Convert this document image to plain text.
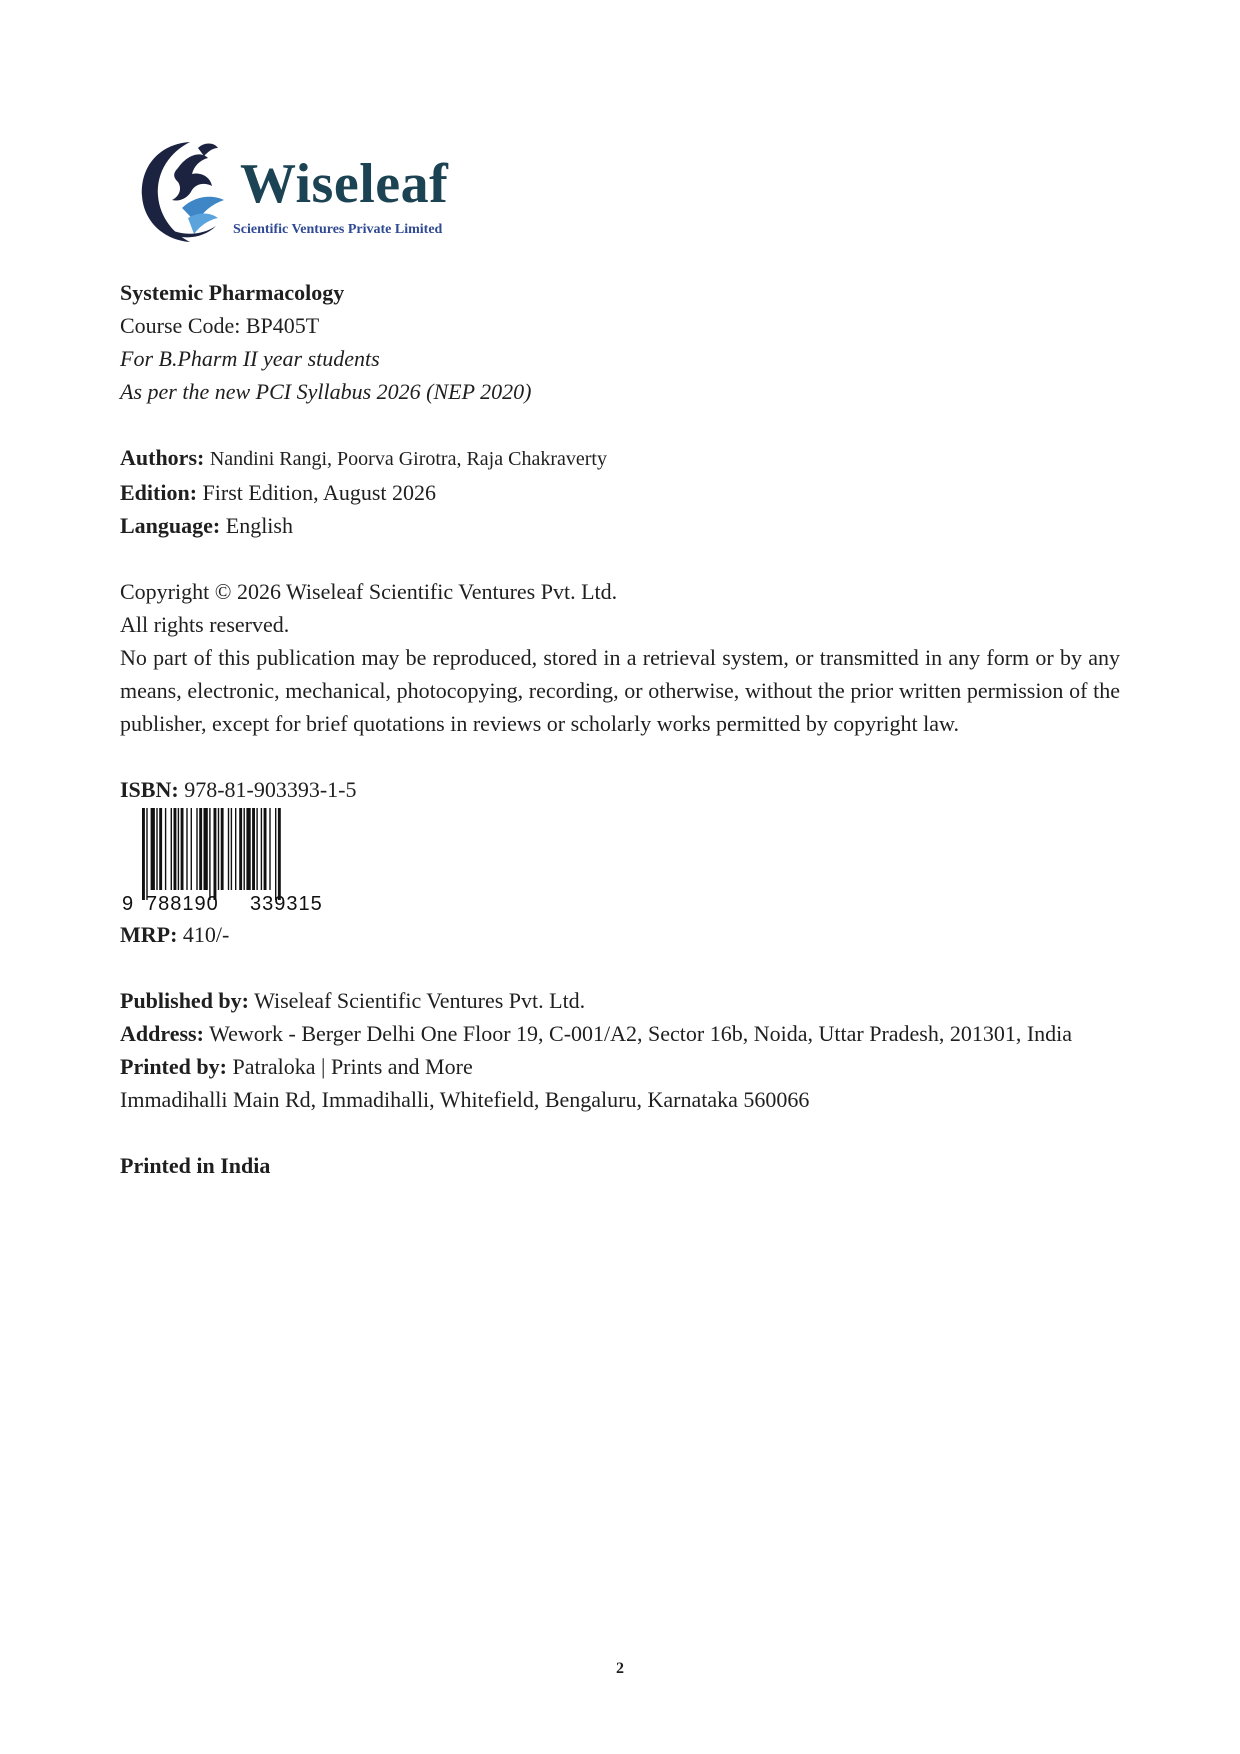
Wiseleaf
Scientific Ventures Private Limited
Systemic Pharmacology
Course Code: BP405T
For B.Pharm II year students
As per the new PCI Syllabus 2026 (NEP 2020)
Authors: Nandini Rangi, Poorva Girotra, Raja Chakraverty
Edition: First Edition, August 2026
Language: English
Copyright © 2026 Wiseleaf Scientific Ventures Pvt. Ltd.
All rights reserved.
No part of this publication may be reproduced, stored in a retrieval system, or transmitted in any form or by any means, electronic, mechanical, photocopying, recording, or otherwise, without the prior written permission of the publisher, except for brief quotations in reviews or scholarly works permitted by copyright law.
ISBN: 978-81-903393-1-5
9 788190 339315
MRP: 410/-
Published by: Wiseleaf Scientific Ventures Pvt. Ltd.
Address: Wework - Berger Delhi One Floor 19, C-001/A2, Sector 16b, Noida, Uttar Pradesh, 201301, India
Printed by: Patraloka | Prints and More
Immadihalli Main Rd, Immadihalli, Whitefield, Bengaluru, Karnataka 560066
Printed in India
2
